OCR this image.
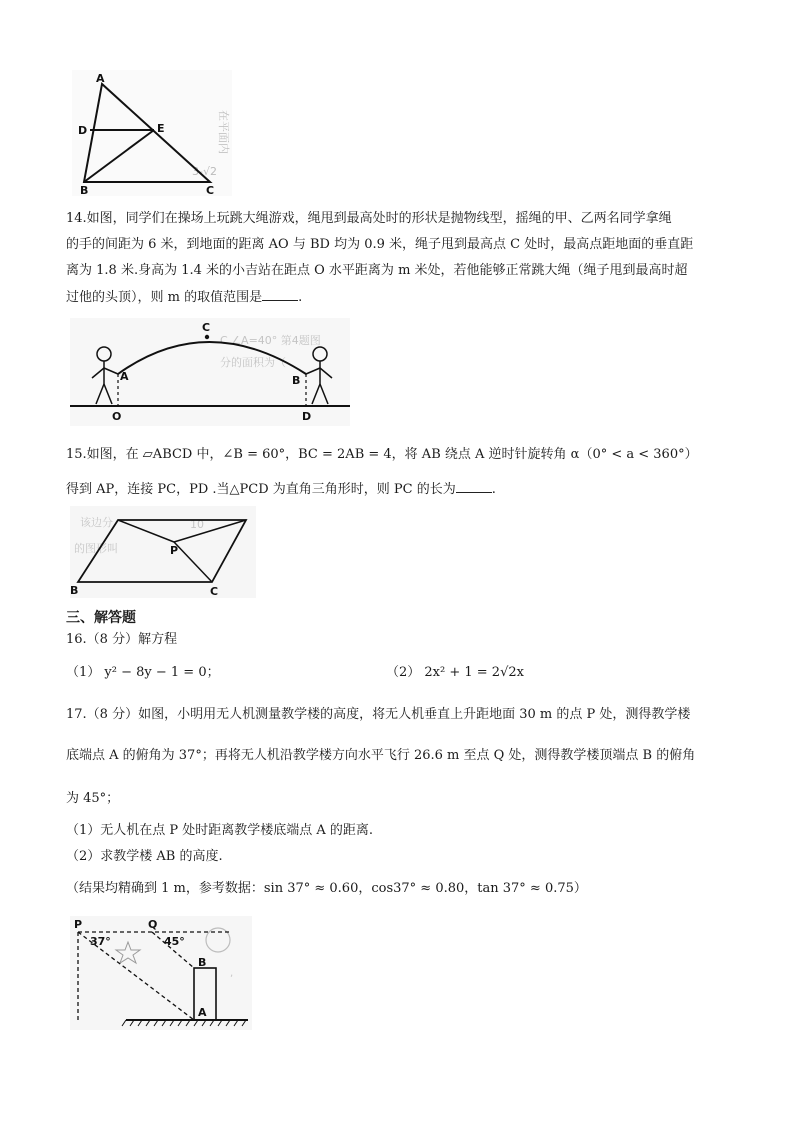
在平面内
3-√2
A
D	E
B	C
14.如图，同学们在操场上玩跳大绳游戏，绳甩到最高处时的形状是抛物线型，摇绳的甲、乙两名同学拿绳
的手的间距为 6 米，到地面的距离 AO 与 BD 均为 0.9 米，绳子甩到最高点 C 处时，最高点距地面的垂直距
离为 1.8 米.身高为 1.4 米的小吉站在距点 O 水平距离为 m 米处，若他能够正常跳大绳（绳子甩到最高时超
过他的头顶），则 m 的取值范围是	.
C ∠A=40° 第4题图
分的面积为（
C
A	B
O	D
15.如图，在 ▱ABCD 中，∠B = 60°，BC = 2AB = 4，将 AB 绕点 A 逆时针旋转角 α（0° < a < 360°）
得到 AP，连接 PC，PD .当△PCD 为直角三角形时，则 PC 的长为	.
该边分
的图形叫
10
P
B	C
三、解答题
16.（8 分）解方程
（1） y² − 8y − 1 = 0；	（2） 2x² + 1 = 2√2x
17.（8 分）如图，小明用无人机测量教学楼的高度，将无人机垂直上升距地面 30 m 的点 P 处，测得教学楼
底端点 A 的俯角为 37°；再将无人机沿教学楼方向水平飞行 26.6 m 至点 Q 处，测得教学楼顶端点 B 的俯角
为 45°；
（1）无人机在点 P 处时距离教学楼底端点 A 的距离.
（2）求教学楼 AB 的高度.
（结果均精确到 1 m，参考数据：sin 37° ≈ 0.60，cos37° ≈ 0.80，tan 37° ≈ 0.75）
,
P	Q
37°	45°
B
A
